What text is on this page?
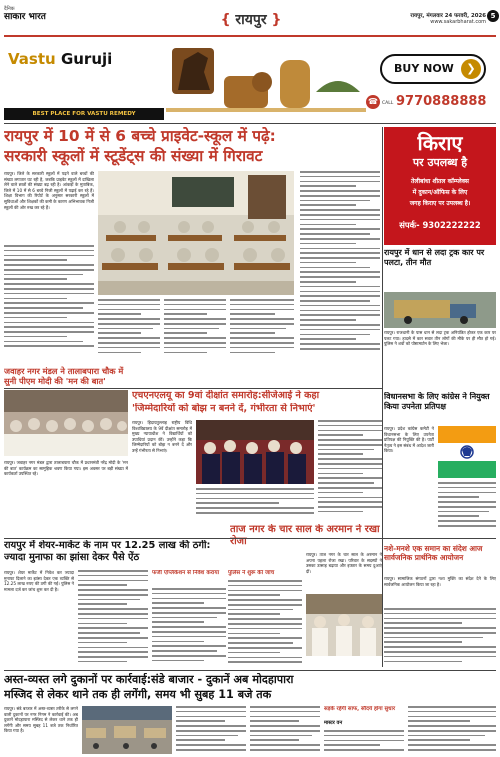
दैनिक
साकार भारत	{ रायपुर }	रायपुर, मंगलवार 24 फरवरी, 2026
www.sakarbharat.com
5
Vastu Guruji
BEST PLACE FOR VASTU REMEDY
BUY NOW	❯
☎ CALL 9770888888
रायपुर में 10 में से 6 बच्चे प्राइवेट-स्कूल में पढ़े:
सरकारी स्कूलों में स्टूडेंट्स की संख्या में गिरावट
रायपुर। जिले के सरकारी स्कूलों में पढ़ने वाले बच्चों की संख्या लगातार घट रही है, जबकि प्राइवेट स्कूलों में दाखिला लेने वाले छात्रों की संख्या बढ़ रही है। आंकड़ों के मुताबिक, जिले में 10 में से 6 बच्चे निजी स्कूलों में पढ़ाई कर रहे हैं। शिक्षा विभाग की रिपोर्ट के अनुसार सरकारी स्कूलों में सुविधाओं और शिक्षकों की कमी के कारण अभिभावक निजी स्कूलों की ओर रुख कर रहे हैं।
किराए
पर उपलब्ध है
तेलीबांधा शीतल कॉम्प्लेक्स
में दुकान/ऑफिस के लिए
जगह किराए पर उपलब्ध है।
संपर्क- 9302222222
रायपुर में धान से लदा ट्रक कार पर पलटा, तीन मौत
रायपुर। राजधानी के पास धान से लदा ट्रक अनियंत्रित होकर एक कार पर पलट गया। हादसे में कार सवार तीन लोगों की मौके पर ही मौत हो गई। पुलिस ने शवों को पोस्टमार्टम के लिए भेजा।
जवाहर नगर मंडल ने तालाबपारा चौक में सुनी पीएम मोदी की 'मन की बात'
रायपुर। जवाहर नगर मंडल द्वारा तालाबपारा चौक में प्रधानमंत्री नरेंद्र मोदी के 'मन की बात' कार्यक्रम का सामूहिक श्रवण किया गया। इस अवसर पर बड़ी संख्या में कार्यकर्ता उपस्थित रहे।
एचएनएलयू का 9वां दीक्षांत समारोह:सीजेआई ने कहा
'जिम्मेदारियों को बोझ न बनने दें, गंभीरता से निभाएं'
रायपुर। हिदायतुल्लाह राष्ट्रीय विधि विश्वविद्यालय के 9वें दीक्षांत समारोह में मुख्य न्यायाधीश ने विद्यार्थियों को उपाधियां प्रदान कीं। उन्होंने कहा कि जिम्मेदारियों को बोझ न बनने दें और उन्हें गंभीरता से निभाएं।
विधानसभा के लिए कांग्रेस ने नियुक्त किया उपनेता प्रतिपक्ष
रायपुर। प्रदेश कांग्रेस कमेटी ने विधानसभा के लिए उपनेता प्रतिपक्ष की नियुक्ति की है। पार्टी नेतृत्व ने इस संबंध में आदेश जारी किया।
रायपुर में शेयर-मार्केट के नाम पर 12.25 लाख की ठगी: ज्यादा मुनाफा का झांसा देकर पैसे ऐंठ
रायपुर। शेयर मार्केट में निवेश कर ज्यादा मुनाफा दिलाने का झांसा देकर एक व्यक्ति से 12.25 लाख रुपए की ठगी की गई। पुलिस ने मामला दर्ज कर जांच शुरू कर दी है।
फर्जी एप्लिकेशन से निवेश कराया	पुलिस ने शुरू की जांच
ताज नगर के चार साल के अरमान ने रखा रोजा
रायपुर। ताज नगर के चार साल के अरमान ने अपना पहला रोजा रखा। परिवार के सदस्यों ने उसका उत्साह बढ़ाया और इफ्तार के समय दुआएं दीं।
नशे-मनशे एक समान का संदेश आज सार्वजनिक प्रार्थनिक आयोजन
रायपुर। सामाजिक संगठनों द्वारा नशा मुक्ति का संदेश देने के लिए सार्वजनिक आयोजन किया जा रहा है।
अस्त-व्यस्त लगे दुकानों पर कार्रवाई:संडे बाजार - दुकानें अब मोदहापारा
मस्जिद से लेकर थाने तक ही लगेंगी, समय भी सुबह 11 बजे तक
रायपुर। संडे बाजार में अस्त-व्यस्त तरीके से लगने वाली दुकानों पर नगर निगम ने कार्रवाई की। अब दुकानें मोदहापारा मस्जिद से लेकर थाने तक ही लगेंगी और समय सुबह 11 बजे तक निर्धारित किया गया है।
सड़कें रहेंगी साफ, सौंदर्य होगा सुधार
मास्टर वन
